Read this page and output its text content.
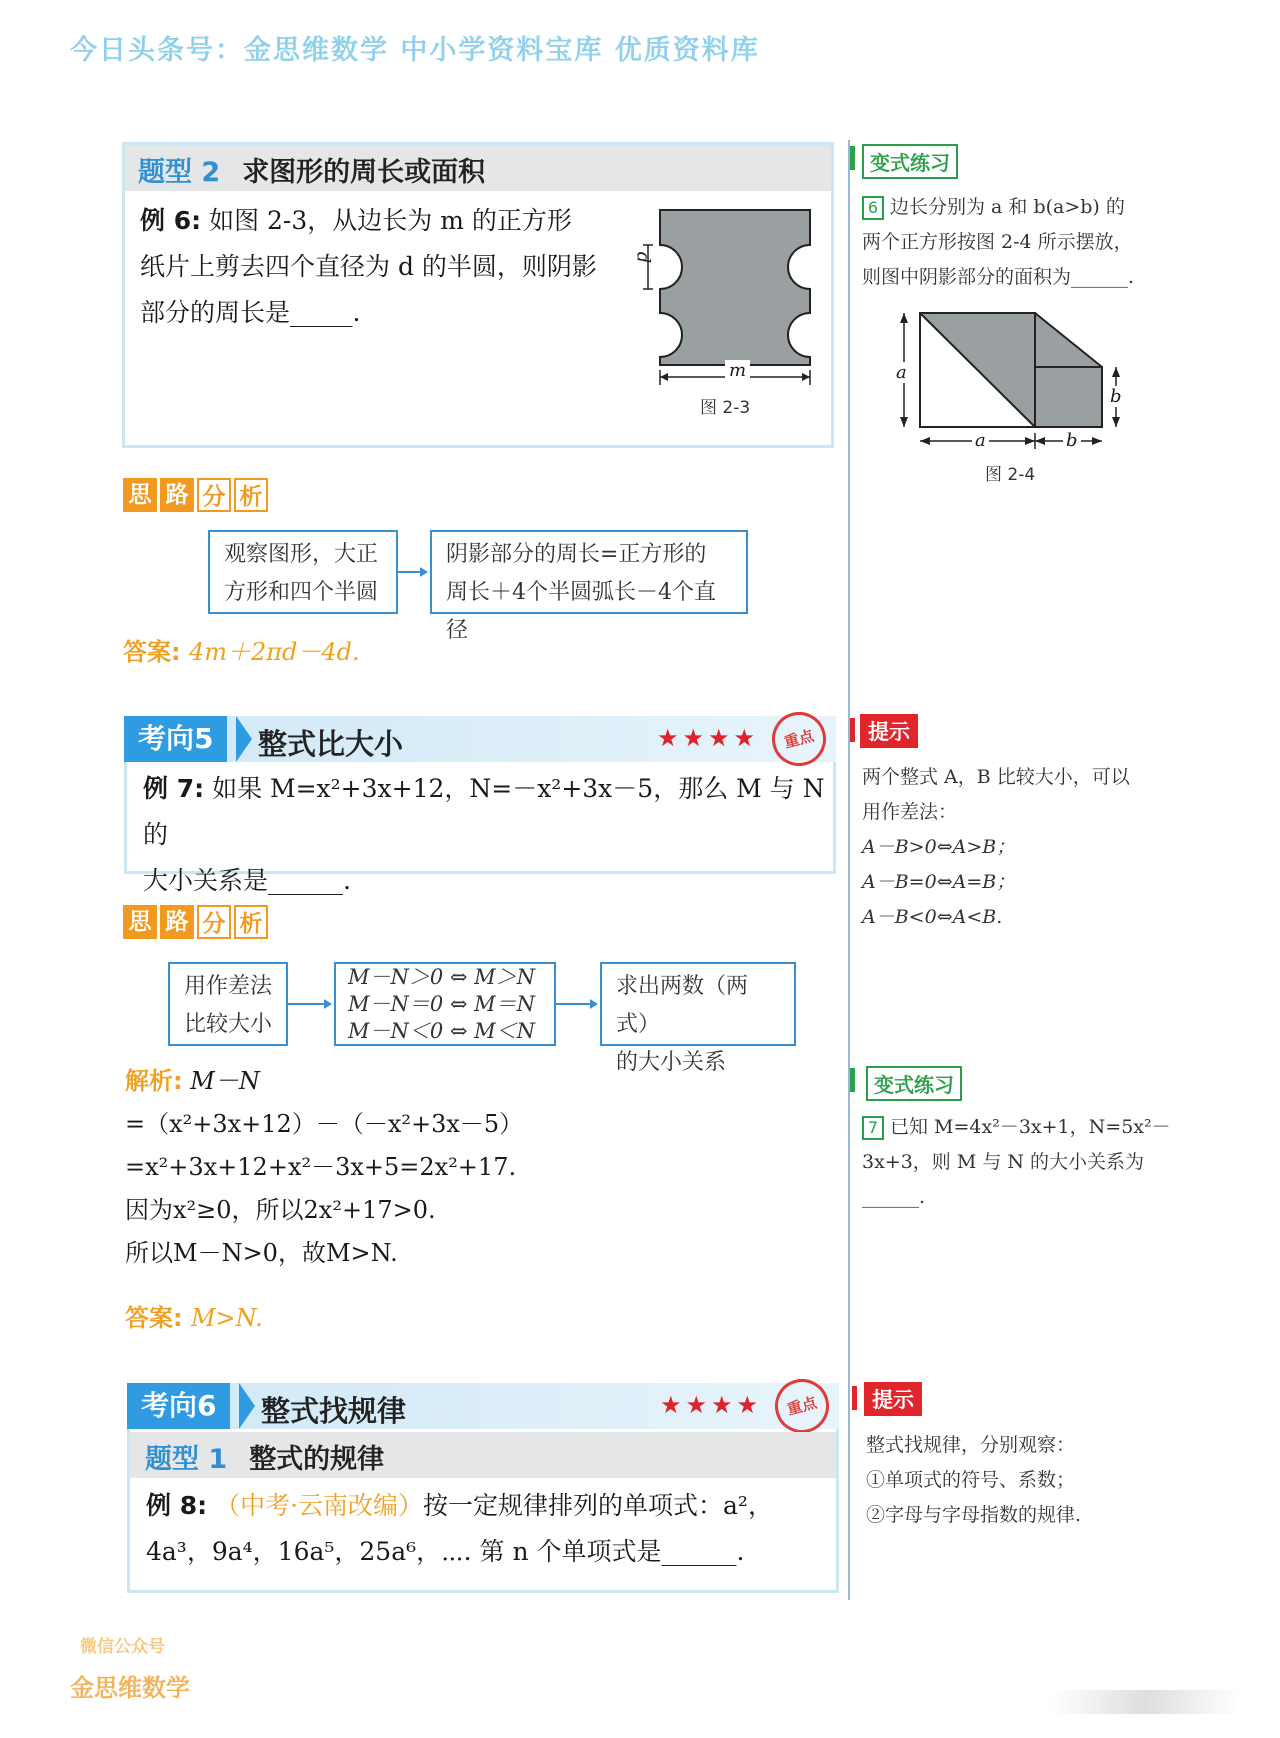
今日头条号：金思维数学 中小学资料宝库 优质资料库
题型 2 求图形的周长或面积
例 6: 如图 2-3，从边长为 m 的正方形
纸片上剪去四个直径为 d 的半圆，则阴影
部分的周长是_____.
m
d
图 2-3
思 路 分 析
观察图形，大正
方形和四个半圆
阴影部分的周长=正方形的
周长＋4个半圆弧长－4个直径
答案: 4m＋2πd－4d.
考向5	整式比大小	★★★★	重点
例 7: 如果 M=x²+3x+12，N=－x²+3x－5，那么 M 与 N 的
大小关系是______.
思 路 分 析
用作差法
比较大小
M－N＞0 ⇔ M＞N
M－N＝0 ⇔ M＝N
M－N＜0 ⇔ M＜N
求出两数（两式）
的大小关系
解析: M－N
=（x²+3x+12）－（－x²+3x－5）
=x²+3x+12+x²－3x+5=2x²+17.
因为x²≥0，所以2x²+17>0.
所以M－N>0，故M>N.
答案: M>N.
考向6	整式找规律	★★★★	重点
题型 1 整式的规律
例 8: （中考·云南改编）按一定规律排列的单项式：a²，
4a³，9a⁴，16a⁵，25a⁶，⋯. 第 n 个单项式是______.
变式练习
6 边长分别为 a 和 b(a>b) 的
两个正方形按图 2-4 所示摆放，
则图中阴影部分的面积为______.
a
a	b
b
图 2-4
提示
两个整式 A，B 比较大小，可以
用作差法：
A－B>0⇔A>B；
A－B=0⇔A=B；
A－B<0⇔A<B.
变式练习
7 已知 M=4x²－3x+1，N=5x²－
3x+3，则 M 与 N 的大小关系为
______.
提示
整式找规律，分别观察：
①单项式的符号、系数；
②字母与字母指数的规律.
微信公众号
金思维数学
